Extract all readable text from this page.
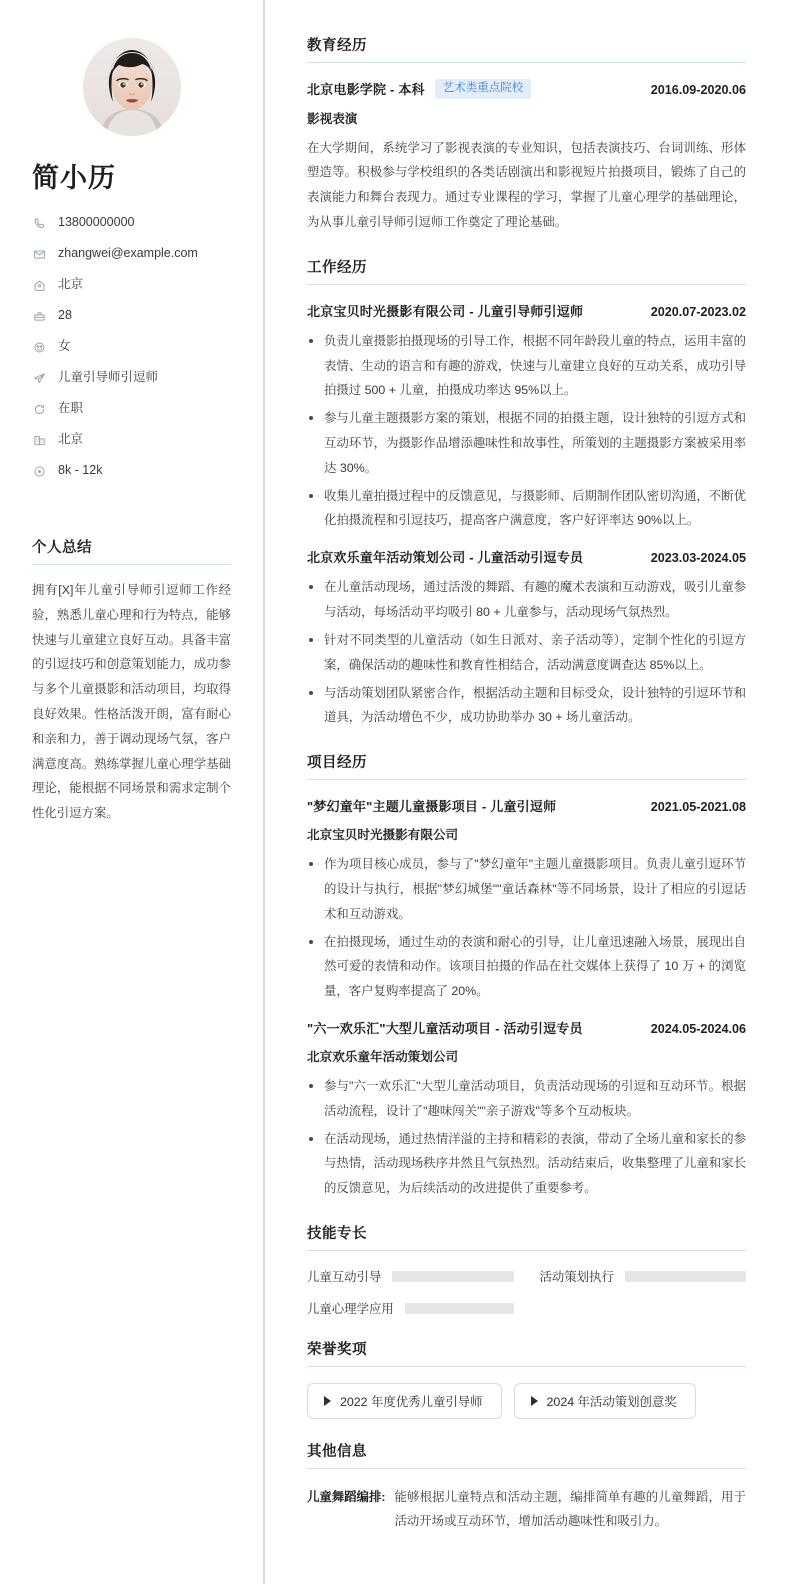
简小历
13800000000
zhangwei@example.com
北京
28
女
儿童引导师引逗师
在职
北京
8k - 12k
个人总结

拥有[X]年儿童引导师引逗师工作经验，熟悉儿童心理和行为特点，能够快速与儿童建立良好互动。具备丰富的引逗技巧和创意策划能力，成功参与多个儿童摄影和活动项目，均取得良好效果。性格活泼开朗，富有耐心和亲和力，善于调动现场气氛，客户满意度高。熟练掌握儿童心理学基础理论，能根据不同场景和需求定制个性化引逗方案。

教育经历
北京电影学院 - 本科	艺术类重点院校	2016.09-2020.06
影视表演

在大学期间，系统学习了影视表演的专业知识，包括表演技巧、台词训练、形体塑造等。积极参与学校组织的各类话剧演出和影视短片拍摄项目，锻炼了自己的表演能力和舞台表现力。通过专业课程的学习，掌握了儿童心理学的基础理论，为从事儿童引导师引逗师工作奠定了理论基础。

工作经历
北京宝贝时光摄影有限公司 - 儿童引导师引逗师	2020.07-2023.02
负责儿童摄影拍摄现场的引导工作，根据不同年龄段儿童的特点，运用丰富的表情、生动的语言和有趣的游戏，快速与儿童建立良好的互动关系，成功引导拍摄过 500 + 儿童，拍摄成功率达 95%以上。
参与儿童主题摄影方案的策划，根据不同的拍摄主题，设计独特的引逗方式和互动环节，为摄影作品增添趣味性和故事性，所策划的主题摄影方案被采用率达 30%。
收集儿童拍摄过程中的反馈意见，与摄影师、后期制作团队密切沟通，不断优化拍摄流程和引逗技巧，提高客户满意度，客户好评率达 90%以上。
北京欢乐童年活动策划公司 - 儿童活动引逗专员	2023.03-2024.05
在儿童活动现场，通过活泼的舞蹈、有趣的魔术表演和互动游戏，吸引儿童参与活动，每场活动平均吸引 80 + 儿童参与，活动现场气氛热烈。
针对不同类型的儿童活动（如生日派对、亲子活动等），定制个性化的引逗方案，确保活动的趣味性和教育性相结合，活动满意度调查达 85%以上。
与活动策划团队紧密合作，根据活动主题和目标受众，设计独特的引逗环节和道具，为活动增色不少，成功协助举办 30 + 场儿童活动。
项目经历
"梦幻童年"主题儿童摄影项目 - 儿童引逗师	2021.05-2021.08
北京宝贝时光摄影有限公司
作为项目核心成员，参与了"梦幻童年"主题儿童摄影项目。负责儿童引逗环节的设计与执行，根据"梦幻城堡""童话森林"等不同场景，设计了相应的引逗话术和互动游戏。
在拍摄现场，通过生动的表演和耐心的引导，让儿童迅速融入场景，展现出自然可爱的表情和动作。该项目拍摄的作品在社交媒体上获得了 10 万 + 的浏览量，客户复购率提高了 20%。
"六一欢乐汇"大型儿童活动项目 - 活动引逗专员	2024.05-2024.06
北京欢乐童年活动策划公司
参与"六一欢乐汇"大型儿童活动项目，负责活动现场的引逗和互动环节。根据活动流程，设计了"趣味闯关""亲子游戏"等多个互动板块。
在活动现场，通过热情洋溢的主持和精彩的表演，带动了全场儿童和家长的参与热情，活动现场秩序井然且气氛热烈。活动结束后，收集整理了儿童和家长的反馈意见，为后续活动的改进提供了重要参考。
技能专长
儿童互动引导	活动策划执行
儿童心理学应用
荣誉奖项
2022 年度优秀儿童引导师	2024 年活动策划创意奖
其他信息
儿童舞蹈编排: 能够根据儿童特点和活动主题，编排简单有趣的儿童舞蹈，用于活动开场或互动环节，增加活动趣味性和吸引力。
